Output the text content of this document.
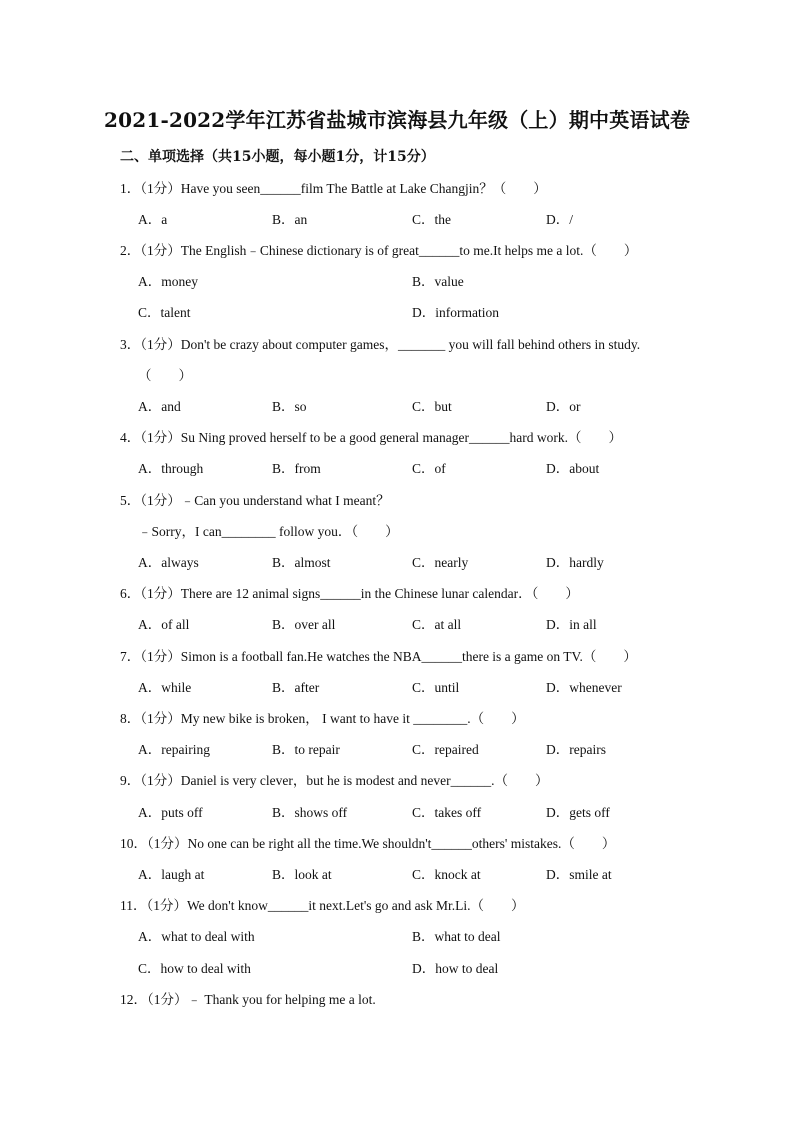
2021-2022学年江苏省盐城市滨海县九年级（上）期中英语试卷
二、单项选择（共15小题，每小题1分，计15分）
1．（1分）Have you seen______film The Battle at Lake Changjin？（　　）
A．a	B．an	C．the	D．/
2．（1分）The English﹣Chinese dictionary is of great______to me.It helps me a lot.（　　）
A．money	B．value
C．talent	D．information
3．（1分）Don't be crazy about computer games，_______ you will fall behind others in study.
（　　）
A．and	B．so	C．but	D．or
4．（1分）Su Ning proved herself to be a good general manager______hard work.（　　）
A．through	B．from	C．of	D．about
5．（1分）﹣Can you understand what I meant？
﹣Sorry，I can________ follow you．（　　）
A．always	B．almost	C．nearly	D．hardly
6．（1分）There are 12 animal signs______in the Chinese lunar calendar．（　　）
A．of all	B．over all	C．at all	D．in all
7．（1分）Simon is a football fan.He watches the NBA______there is a game on TV.（　　）
A．while	B．after	C．until	D．whenever
8．（1分）My new bike is broken， I want to have it ________.（　　）
A．repairing	B．to repair	C．repaired	D．repairs
9．（1分）Daniel is very clever，but he is modest and never______.（　　）
A．puts off	B．shows off	C．takes off	D．gets off
10．（1分）No one can be right all the time.We shouldn't______others' mistakes.（　　）
A．laugh at	B．look at	C．knock at	D．smile at
11．（1分）We don't know______it next.Let's go and ask Mr.Li.（　　）
A．what to deal with	B．what to deal
C．how to deal with	D．how to deal
12．（1分）﹣ Thank you for helping me a lot.
